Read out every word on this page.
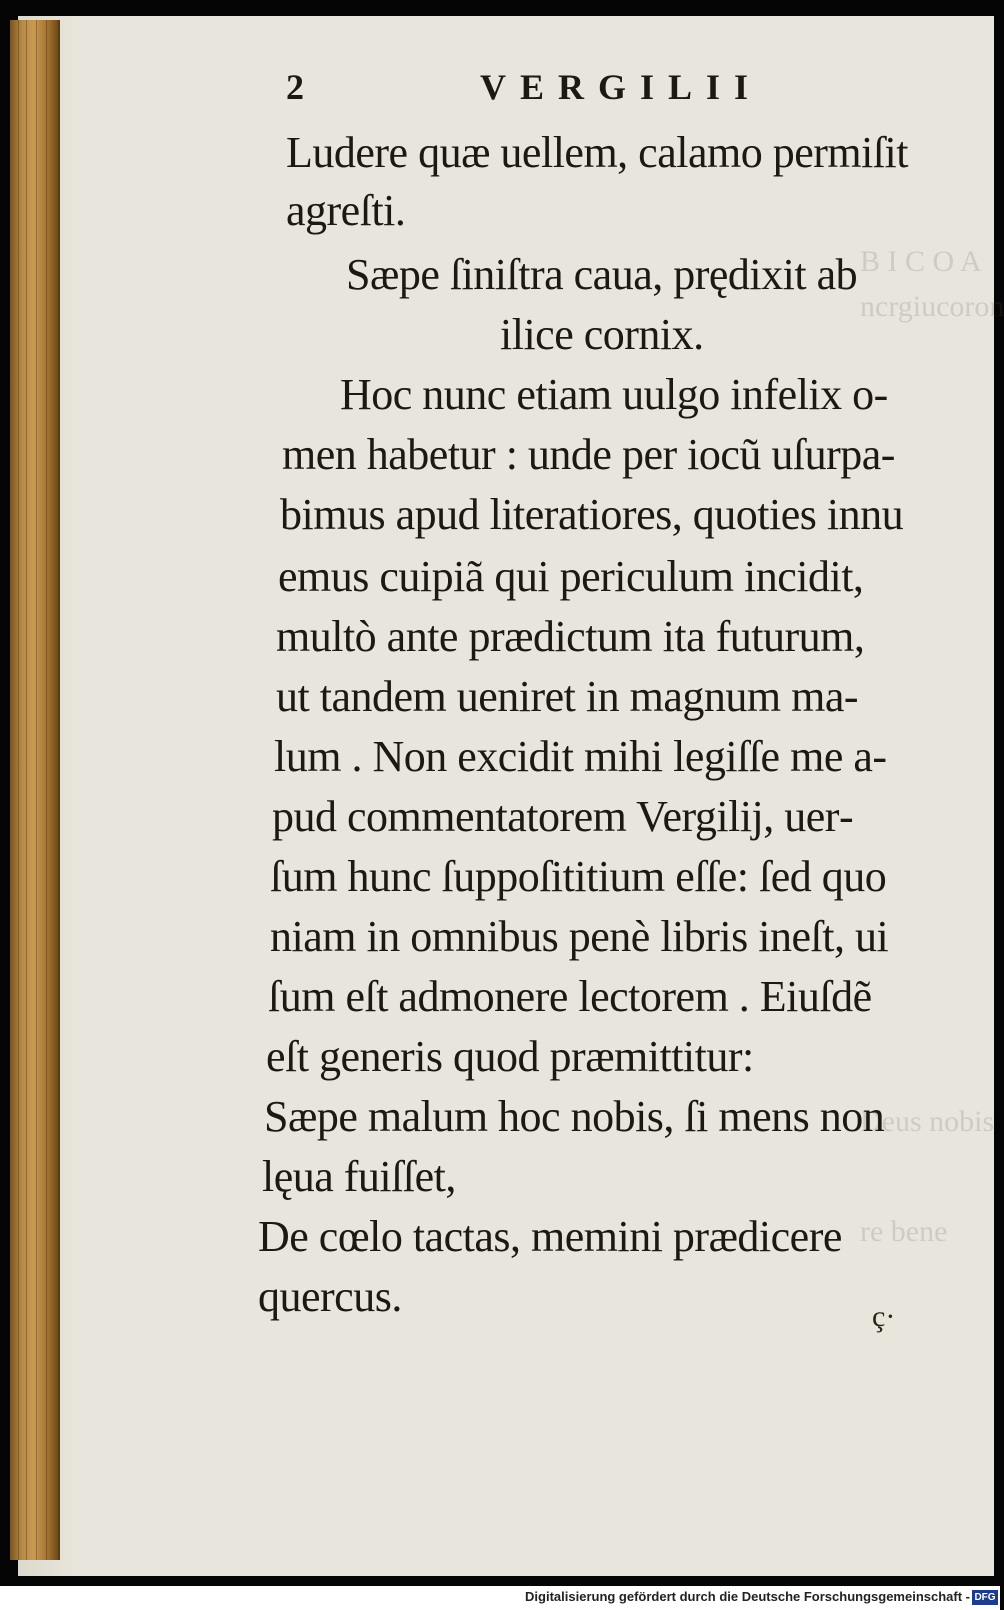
B I C O A
ncrgiucoron
Deus nobis
re bene
2	VERGILII
Ludere quæ uellem, calamo permiſit
agreſti.
Sæpe ſiniſtra caua, prędixit ab
ilice cornix.
Hoc nunc etiam uulgo infelix o‐
men habetur : unde per iocũ uſurpa‐
bimus apud literatiores, quoties innu
emus cuipiã qui periculum incidit,
multò ante prædictum ita futurum,
ut tandem ueniret in magnum ma‐
lum . Non excidit mihi legiſſe me a‐
pud commentatorem Vergilij, uer‐
ſum hunc ſuppoſititium eſſe: ſed quo
niam in omnibus penè libris ineſt, ui
ſum eſt admonere lectorem . Eiuſdẽ
eſt generis quod præmittitur:
Sæpe malum hoc nobis, ſi mens non
lęua fuiſſet,
De cœlo tactas, memini prædicere
quercus.	ç·
Digitalisierung gefördert durch die Deutsche Forschungsgemeinschaft - DFG
